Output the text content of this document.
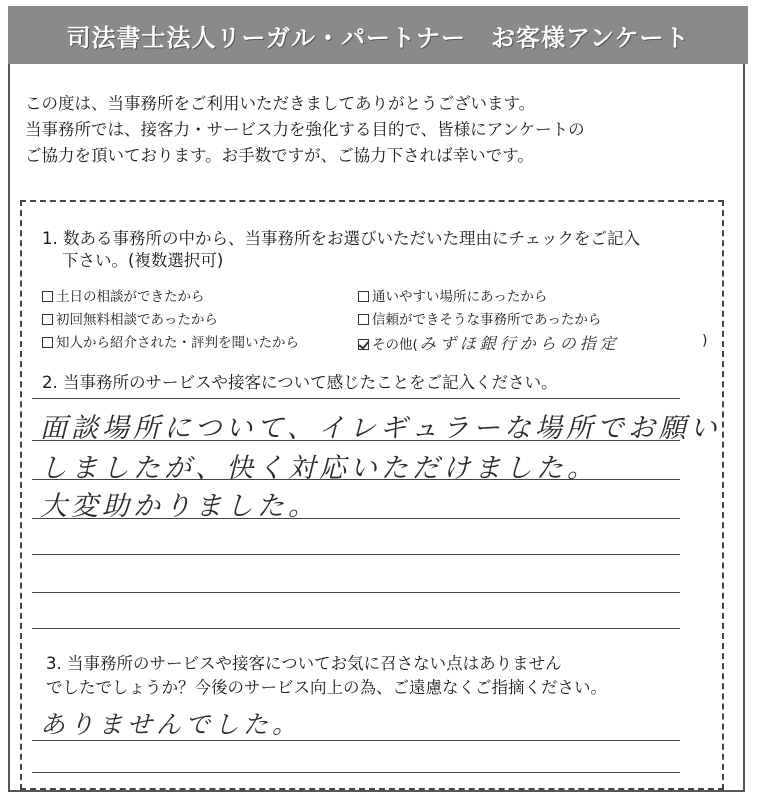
司法書士法人リーガル・パートナー　お客様アンケート
この度は、当事務所をご利用いただきましてありがとうございます。
当事務所では、接客力・サービス力を強化する目的で、皆様にアンケートの
ご協力を頂いております。お手数ですが、ご協力下されば幸いです。
1. 数ある事務所の中から、当事務所をお選びいただいた理由にチェックをご記入
下さい。(複数選択可)
土日の相談ができたから	通いやすい場所にあったから
初回無料相談であったから	信頼ができそうな事務所であったから
知人から紹介された・評判を聞いたから	その他( みずほ銀行からの指定	)
2. 当事務所のサービスや接客について感じたことをご記入ください。
面談場所について、イレギュラーな場所でお願い
しましたが、快く対応いただけました。
大変助かりました。
3. 当事務所のサービスや接客についてお気に召さない点はありません
でしたでしょうか？今後のサービス向上の為、ご遠慮なくご指摘ください。
ありませんでした。
